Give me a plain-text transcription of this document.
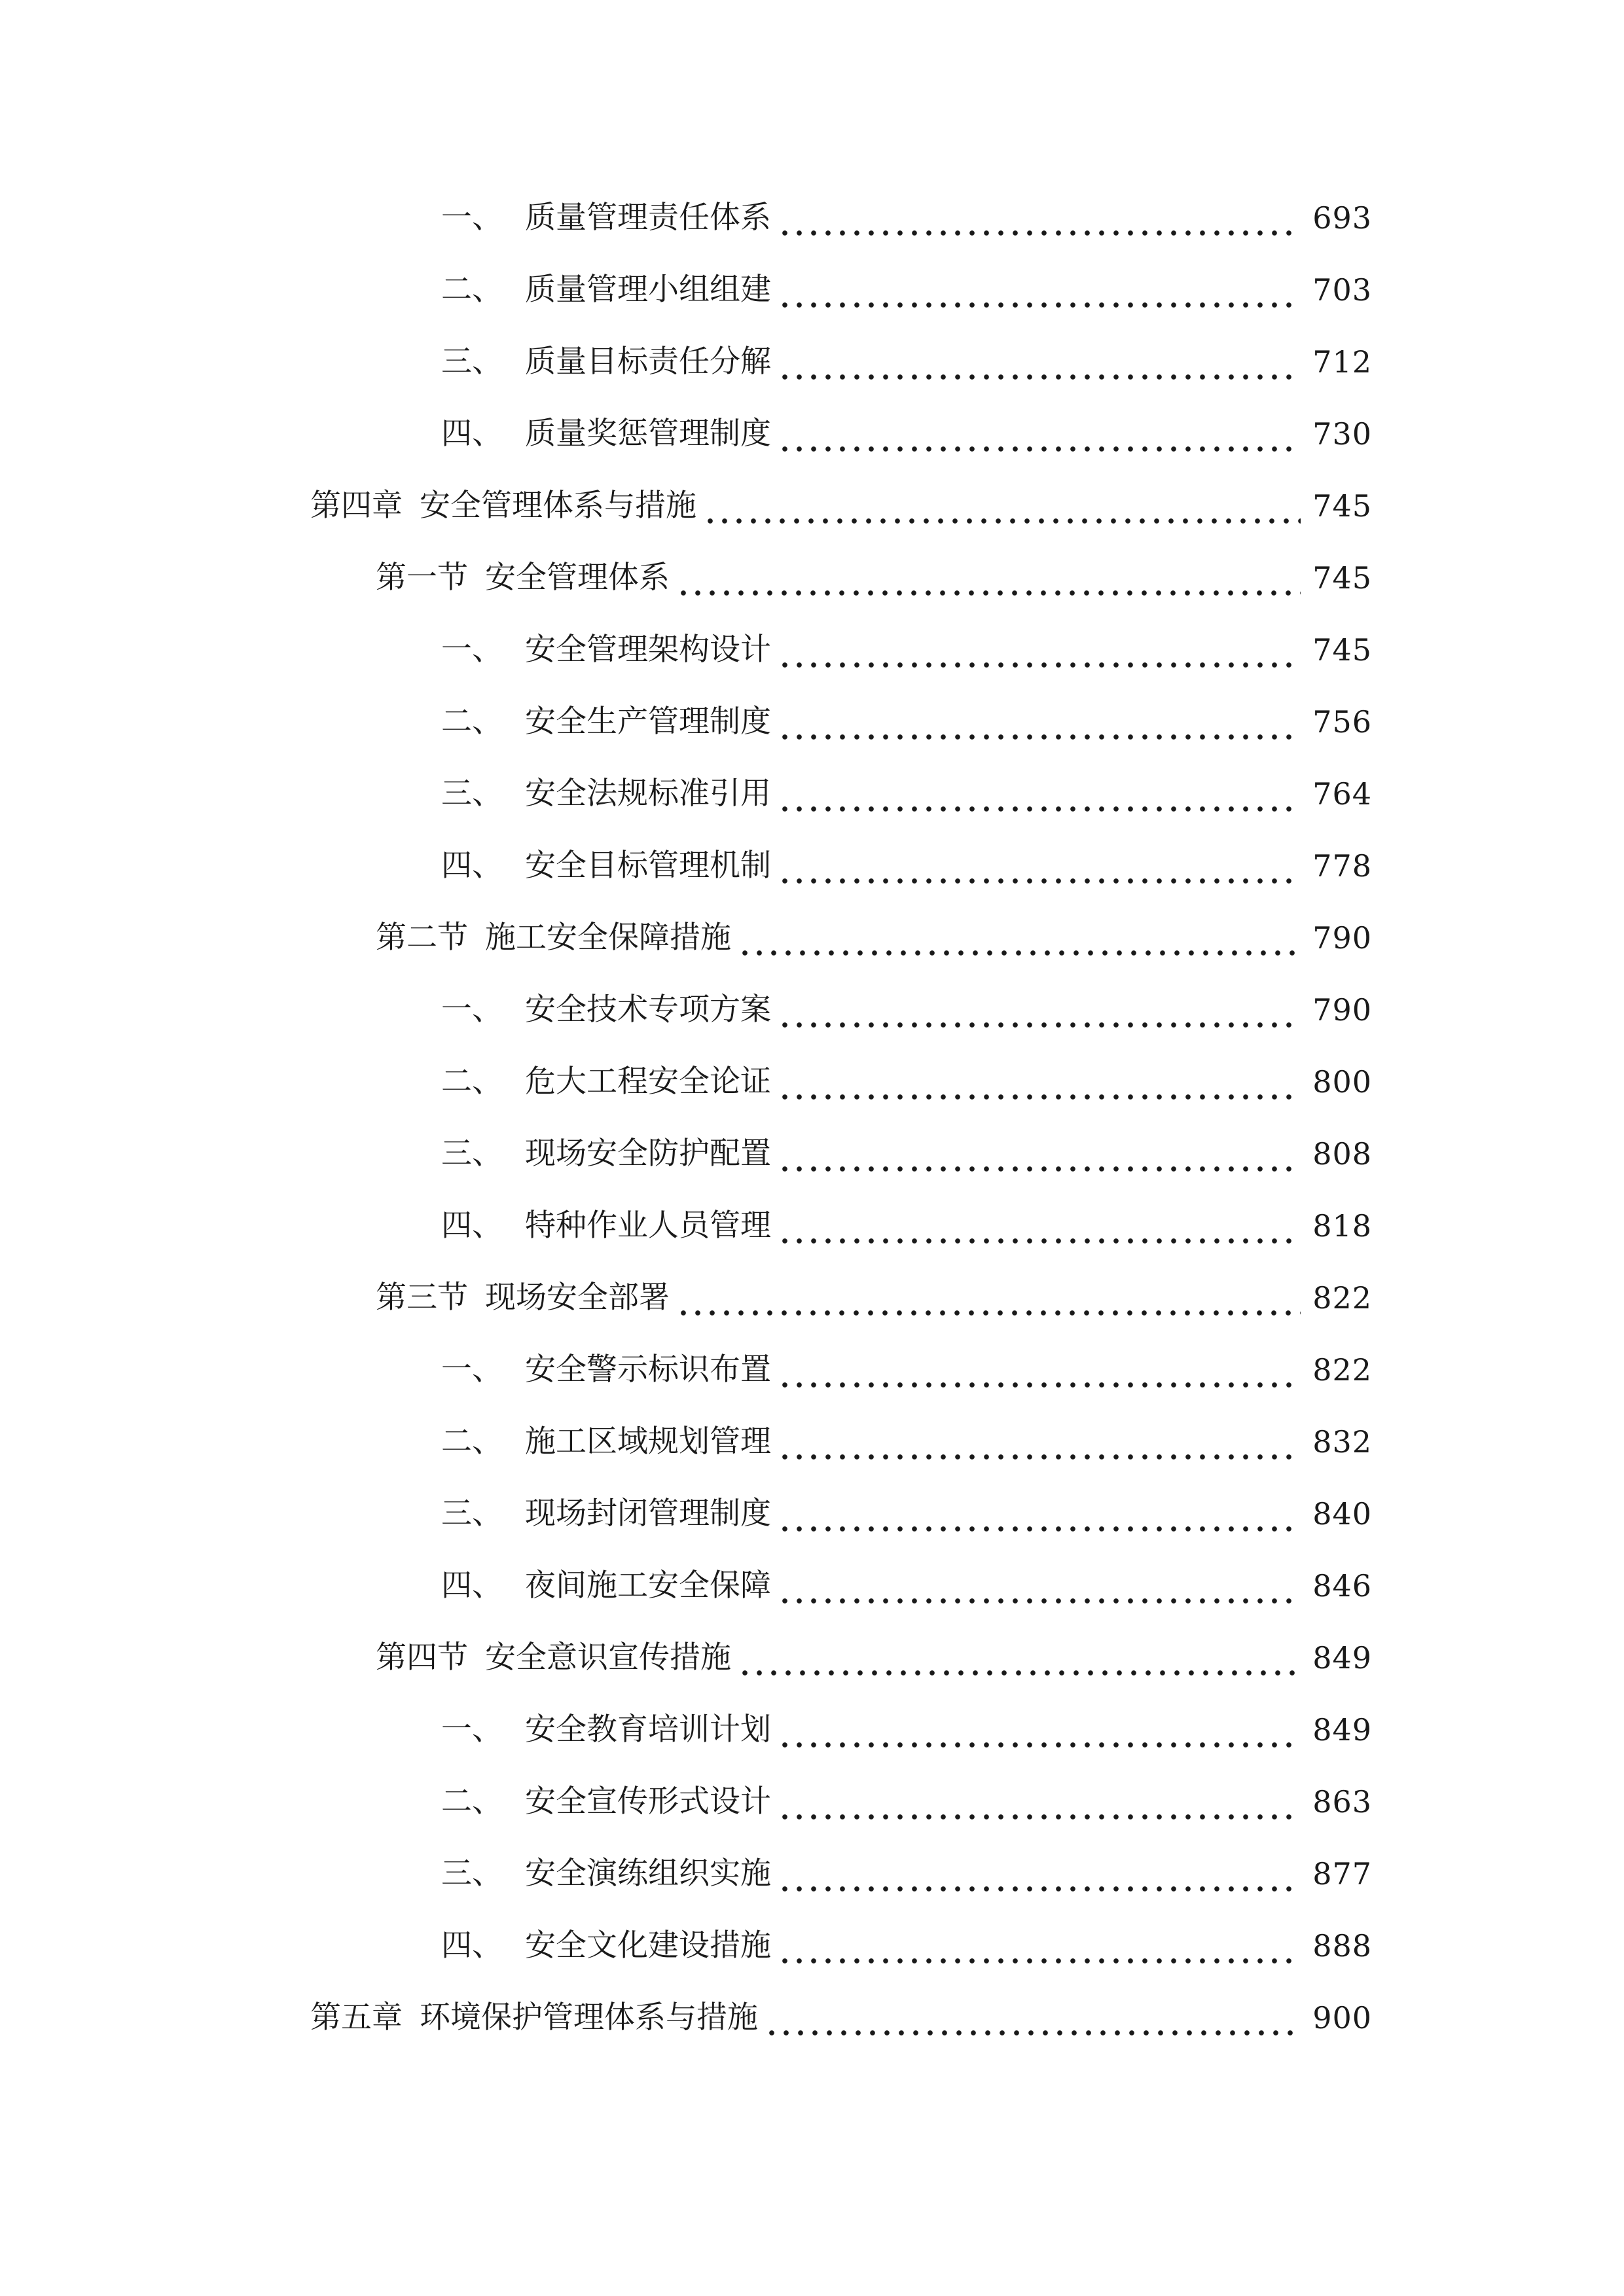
一、 质量管理责任体系	693
二、 质量管理小组组建	703
三、 质量目标责任分解	712
四、 质量奖惩管理制度	730
第四章 安全管理体系与措施	745
第一节 安全管理体系	745
一、 安全管理架构设计	745
二、 安全生产管理制度	756
三、 安全法规标准引用	764
四、 安全目标管理机制	778
第二节 施工安全保障措施	790
一、 安全技术专项方案	790
二、 危大工程安全论证	800
三、 现场安全防护配置	808
四、 特种作业人员管理	818
第三节 现场安全部署	822
一、 安全警示标识布置	822
二、 施工区域规划管理	832
三、 现场封闭管理制度	840
四、 夜间施工安全保障	846
第四节 安全意识宣传措施	849
一、 安全教育培训计划	849
二、 安全宣传形式设计	863
三、 安全演练组织实施	877
四、 安全文化建设措施	888
第五章 环境保护管理体系与措施	900
